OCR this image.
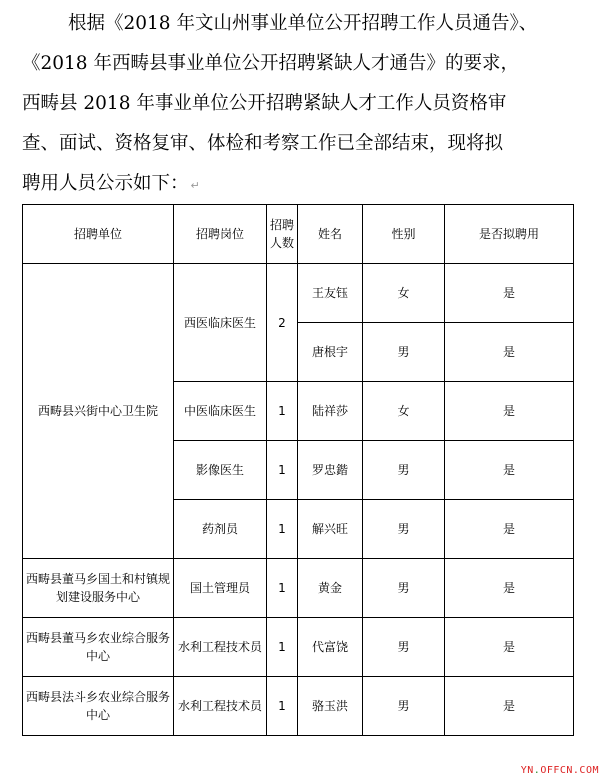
根据《2018 年文山州事业单位公开招聘工作人员通告》、
《2018 年西畴县事业单位公开招聘紧缺人才通告》的要求，
西畴县 2018 年事业单位公开招聘紧缺人才工作人员资格审
查、面试、资格复审、体检和考察工作已全部结束，现将拟
聘用人员公示如下： ↵
招聘单位	招聘岗位	招聘人数	姓名	性别	是否拟聘用
西畴县兴街中心卫生院	西医临床医生	2	王友钰	女	是
			唐根宇	男	是
	中医临床医生	1	陆祥莎	女	是
	影像医生	1	罗忠鍇	男	是
	药剂员	1	解兴旺	男	是
西畴县董马乡国土和村镇规划建设服务中心	国土管理员	1	黄金	男	是
西畴县董马乡农业综合服务中心	水利工程技术员	1	代富饶	男	是
西畴县法斗乡农业综合服务中心	水利工程技术员	1	骆玉洪	男	是
YN.OFFCN.COM
